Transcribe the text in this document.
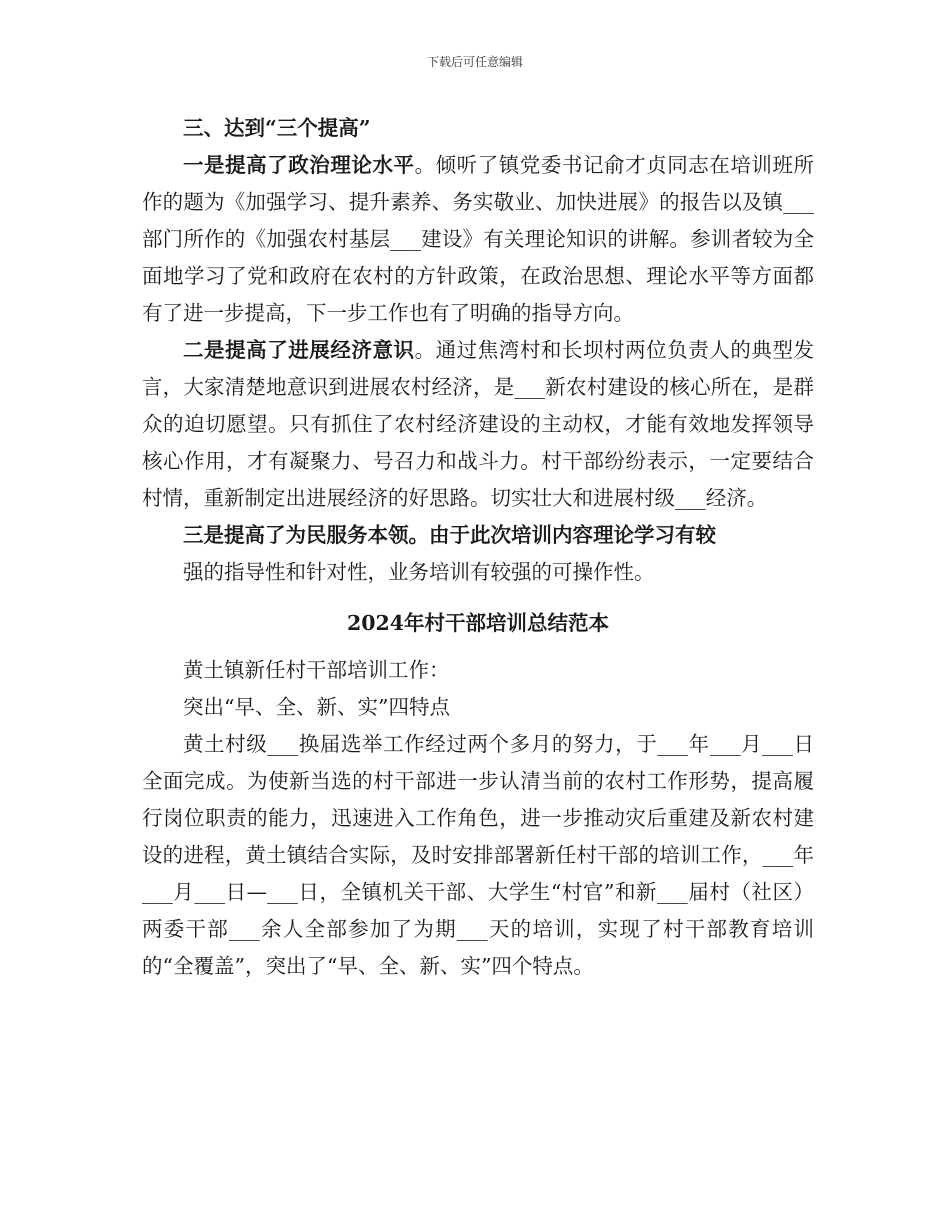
下载后可任意编辑

三、达到“三个提高”

一是提高了政治理论水平。倾听了镇党委书记俞才贞同志在培训班所作的题为《加强学习、提升素养、务实敬业、加快进展》的报告以及镇___部门所作的《加强农村基层___建设》有关理论知识的讲解。参训者较为全面地学习了党和政府在农村的方针政策，在政治思想、理论水平等方面都有了进一步提高，下一步工作也有了明确的指导方向。

二是提高了进展经济意识。通过焦湾村和长坝村两位负责人的典型发言，大家清楚地意识到进展农村经济，是___新农村建设的核心所在，是群众的迫切愿望。只有抓住了农村经济建设的主动权，才能有效地发挥领导核心作用，才有凝聚力、号召力和战斗力。村干部纷纷表示，一定要结合村情，重新制定出进展经济的好思路。切实壮大和进展村级___经济。

三是提高了为民服务本领。由于此次培训内容理论学习有较

强的指导性和针对性，业务培训有较强的可操作性。

2024年村干部培训总结范本

黄土镇新任村干部培训工作：

突出“早、全、新、实”四特点

黄土村级___换届选举工作经过两个多月的努力，于___年___月___日全面完成。为使新当选的村干部进一步认清当前的农村工作形势，提高履行岗位职责的能力，迅速进入工作角色，进一步推动灾后重建及新农村建设的进程，黄土镇结合实际，及时安排部署新任村干部的培训工作，___年___月___日—___日，全镇机关干部、大学生“村官”和新___届村（社区）两委干部___余人全部参加了为期___天的培训，实现了村干部教育培训的“全覆盖”，突出了“早、全、新、实”四个特点。
